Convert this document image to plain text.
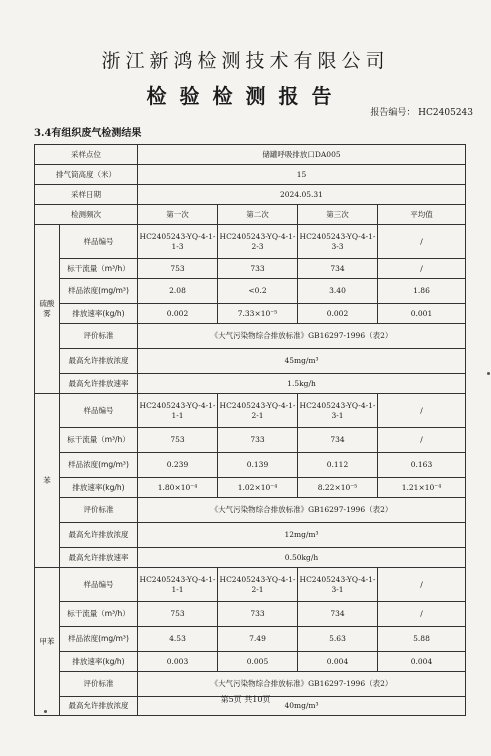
浙江新鸿检测技术有限公司
检验检测报告
报告编号： HC2405243
3.4有组织废气检测结果
采样点位		储罐呼吸排放口DA005			
排气筒高度（米）		15			
采样日期		2024.05.31			
检测频次		第一次	第二次	第三次	平均值
硫酸雾	样品编号	HC2405243-YQ-4-1-1-3	HC2405243-YQ-4-1-2-3	HC2405243-YQ-4-1-3-3	/
	标干流量（m³/h）	753	733	734	/
	样品浓度(mg/m³)	2.08	<0.2	3.40	1.86
	排放速率(kg/h)	0.002	7.33×10⁻⁵	0.002	0.001
	评价标准	《大气污染物综合排放标准》GB16297-1996（表2）			
	最高允许排放浓度	45mg/m³			
	最高允许排放速率	1.5kg/h			
苯	样品编号	HC2405243-YQ-4-1-1-1	HC2405243-YQ-4-1-2-1	HC2405243-YQ-4-1-3-1	/
	标干流量（m³/h）	753	733	734	/
	样品浓度(mg/m³)	0.239	0.139	0.112	0.163
	排放速率(kg/h)	1.80×10⁻⁴	1.02×10⁻⁴	8.22×10⁻⁵	1.21×10⁻⁴
	评价标准	《大气污染物综合排放标准》GB16297-1996（表2）			
	最高允许排放浓度	12mg/m³			
	最高允许排放速率	0.50kg/h			
甲苯	样品编号	HC2405243-YQ-4-1-1-1	HC2405243-YQ-4-1-2-1	HC2405243-YQ-4-1-3-1	/
	标干流量（m³/h）	753	733	734	/
	样品浓度(mg/m³)	4.53	7.49	5.63	5.88
	排放速率(kg/h)	0.003	0.005	0.004	0.004
	评价标准	《大气污染物综合排放标准》GB16297-1996（表2）			
	最高允许排放浓度	40mg/m³			
第5页 共10页
